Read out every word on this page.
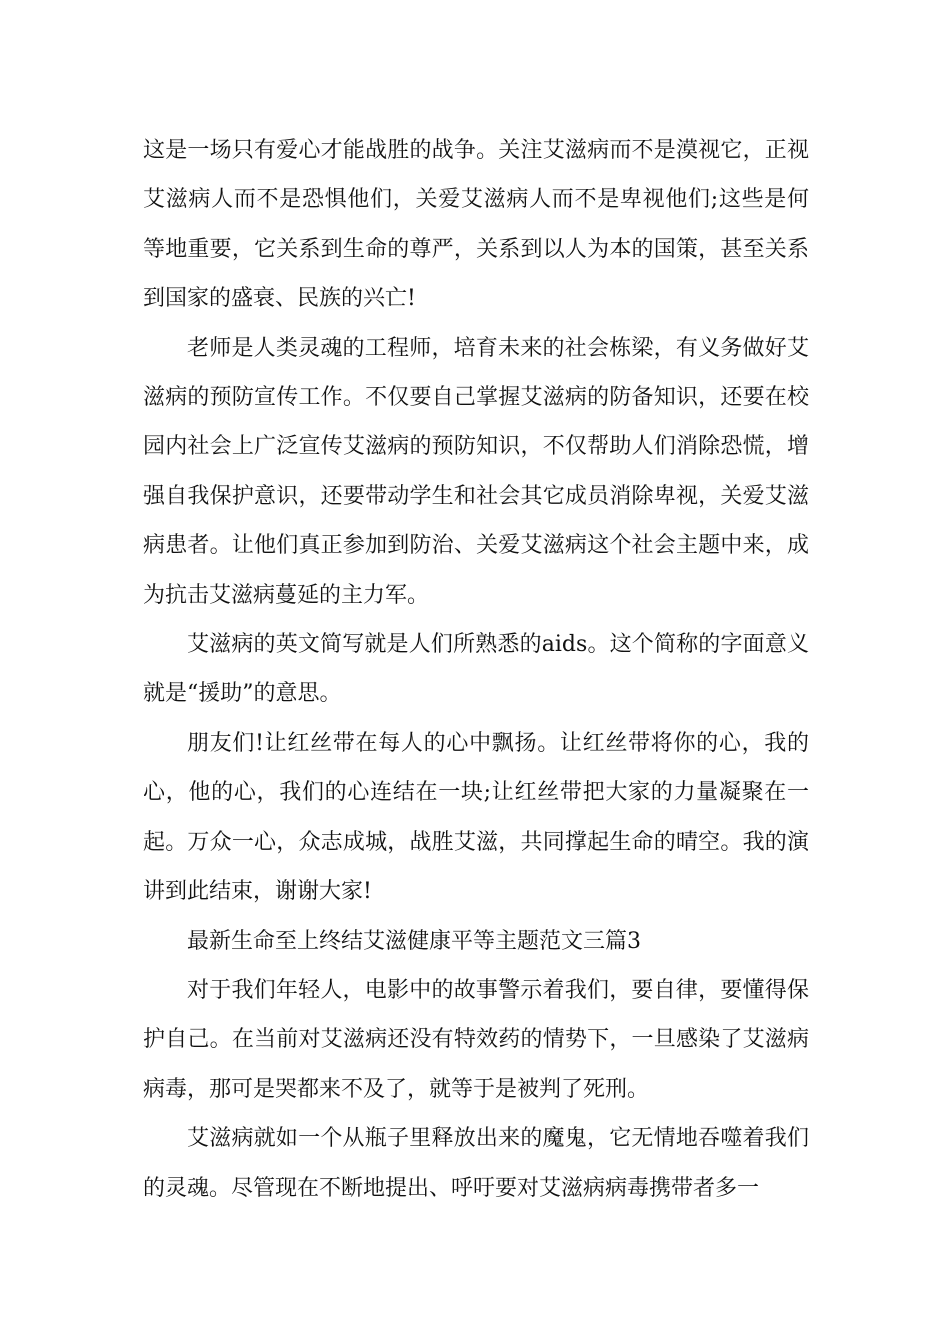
这是一场只有爱心才能战胜的战争。关注艾滋病而不是漠视它，正视艾滋病人而不是恐惧他们，关爱艾滋病人而不是卑视他们;这些是何等地重要，它关系到生命的尊严，关系到以人为本的国策，甚至关系到国家的盛衰、民族的兴亡!

老师是人类灵魂的工程师，培育未来的社会栋梁，有义务做好艾滋病的预防宣传工作。不仅要自己掌握艾滋病的防备知识，还要在校园内社会上广泛宣传艾滋病的预防知识，不仅帮助人们消除恐慌，增强自我保护意识，还要带动学生和社会其它成员消除卑视，关爱艾滋病患者。让他们真正参加到防治、关爱艾滋病这个社会主题中来，成为抗击艾滋病蔓延的主力军。

艾滋病的英文简写就是人们所熟悉的aids。这个简称的字面意义就是“援助”的意思。

朋友们!让红丝带在每人的心中飘扬。让红丝带将你的心，我的心，他的心，我们的心连结在一块;让红丝带把大家的力量凝聚在一起。万众一心，众志成城，战胜艾滋，共同撑起生命的晴空。我的演讲到此结束，谢谢大家!

最新生命至上终结艾滋健康平等主题范文三篇3

对于我们年轻人，电影中的故事警示着我们，要自律，要懂得保护自己。在当前对艾滋病还没有特效药的情势下，一旦感染了艾滋病病毒，那可是哭都来不及了，就等于是被判了死刑。

艾滋病就如一个从瓶子里释放出来的魔鬼，它无情地吞噬着我们的灵魂。尽管现在不断地提出、呼吁要对艾滋病病毒携带者多一
